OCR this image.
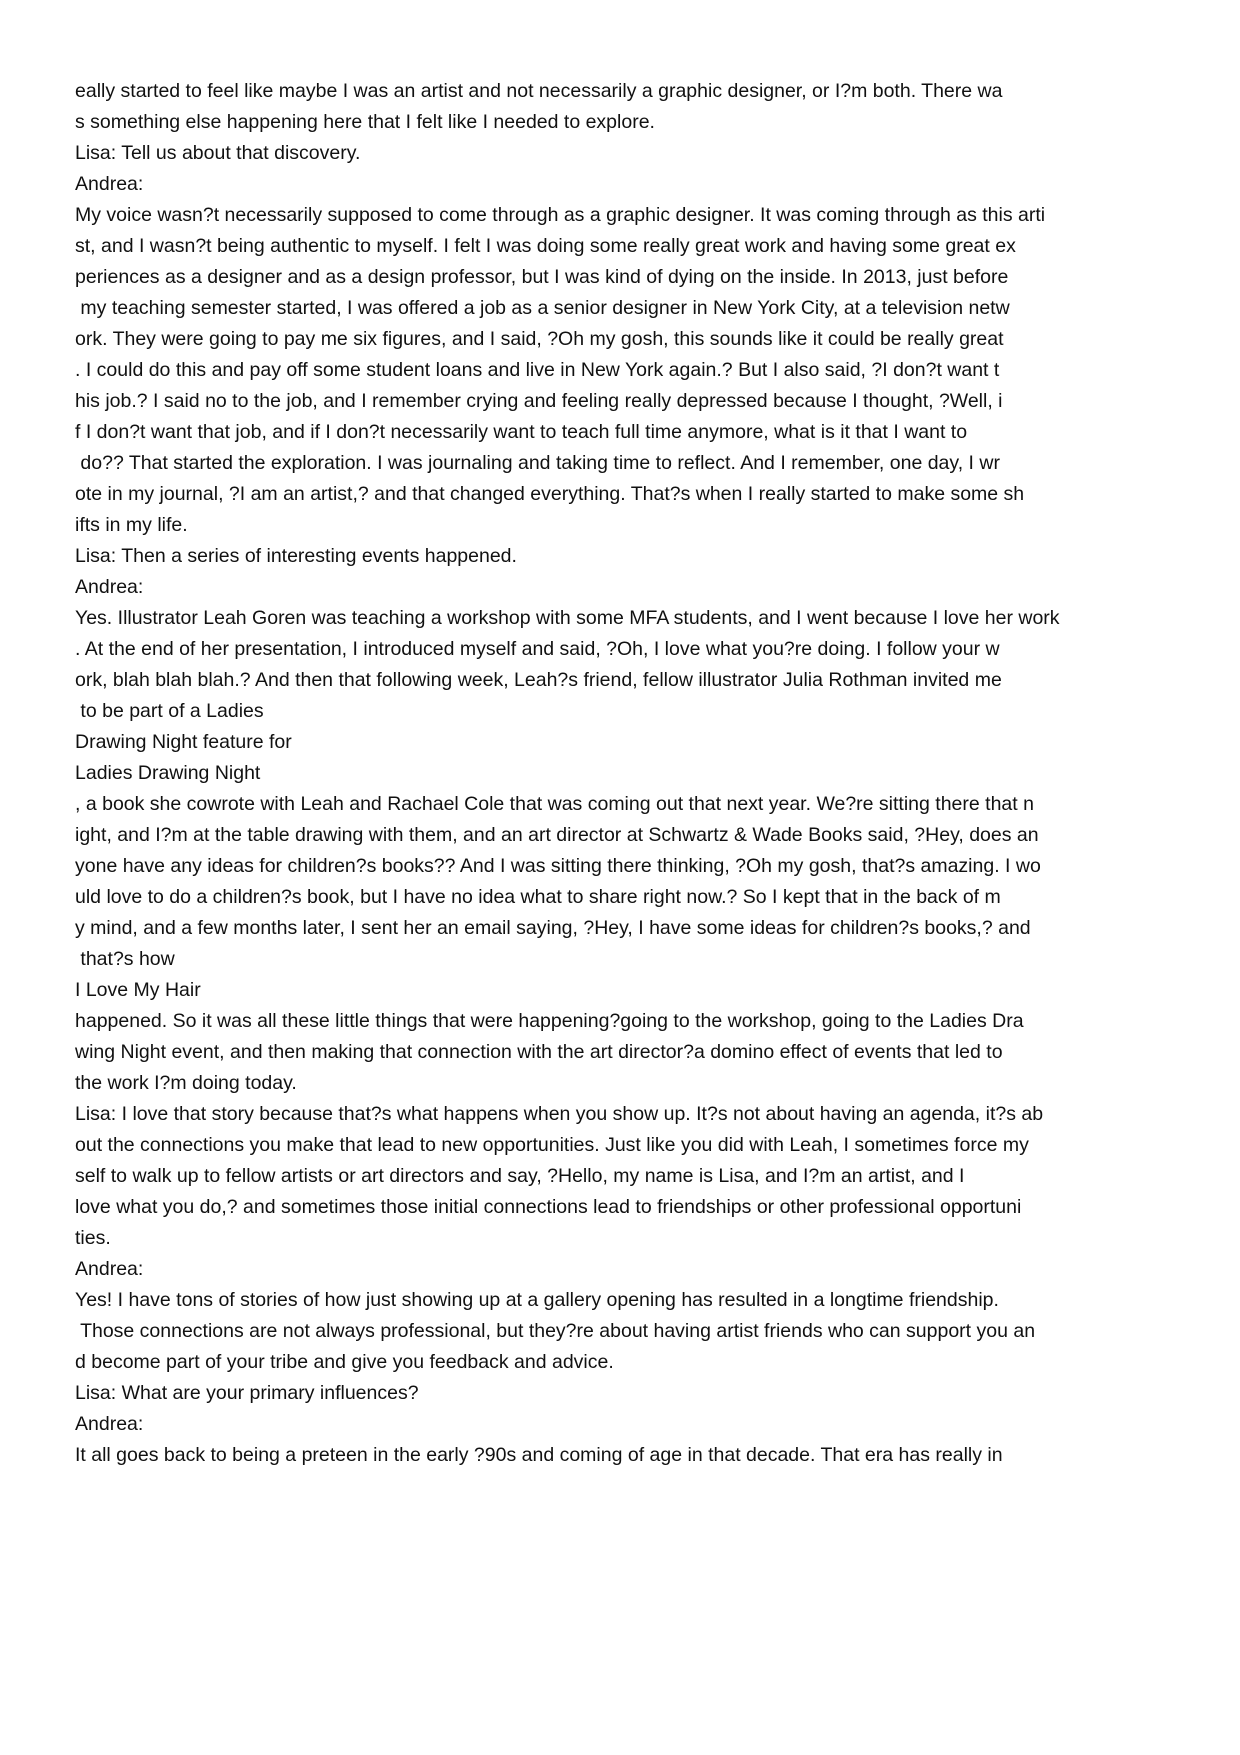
eally started to feel like maybe I was an artist and not necessarily a graphic designer, or I?m both. There wa
s something else happening here that I felt like I needed to explore.
Lisa: Tell us about that discovery.
Andrea:
My voice wasn?t necessarily supposed to come through as a graphic designer. It was coming through as this arti
st, and I wasn?t being authentic to myself. I felt I was doing some really great work and having some great ex
periences as a designer and as a design professor, but I was kind of dying on the inside. In 2013, just before
my teaching semester started, I was offered a job as a senior designer in New York City, at a television netw
ork. They were going to pay me six figures, and I said, ?Oh my gosh, this sounds like it could be really great
. I could do this and pay off some student loans and live in New York again.? But I also said, ?I don?t want t
his job.? I said no to the job, and I remember crying and feeling really depressed because I thought, ?Well, i
f I don?t want that job, and if I don?t necessarily want to teach full time anymore, what is it that I want to
do?? That started the exploration. I was journaling and taking time to reflect. And I remember, one day, I wr
ote in my journal, ?I am an artist,? and that changed everything. That?s when I really started to make some sh
ifts in my life.
Lisa: Then a series of interesting events happened.
Andrea:
Yes. Illustrator Leah Goren was teaching a workshop with some MFA students, and I went because I love her work
. At the end of her presentation, I introduced myself and said, ?Oh, I love what you?re doing. I follow your w
ork, blah blah blah.? And then that following week, Leah?s friend, fellow illustrator Julia Rothman invited me
to be part of a Ladies
Drawing Night feature for
Ladies Drawing Night
, a book she cowrote with Leah and Rachael Cole that was coming out that next year. We?re sitting there that n
ight, and I?m at the table drawing with them, and an art director at Schwartz & Wade Books said, ?Hey, does an
yone have any ideas for children?s books?? And I was sitting there thinking, ?Oh my gosh, that?s amazing. I wo
uld love to do a children?s book, but I have no idea what to share right now.? So I kept that in the back of m
y mind, and a few months later, I sent her an email saying, ?Hey, I have some ideas for children?s books,? and
that?s how
I Love My Hair
happened. So it was all these little things that were happening?going to the workshop, going to the Ladies Dra
wing Night event, and then making that connection with the art director?a domino effect of events that led to
the work I?m doing today.
Lisa: I love that story because that?s what happens when you show up. It?s not about having an agenda, it?s ab
out the connections you make that lead to new opportunities. Just like you did with Leah, I sometimes force my
self to walk up to fellow artists or art directors and say, ?Hello, my name is Lisa, and I?m an artist, and I
love what you do,? and sometimes those initial connections lead to friendships or other professional opportuni
ties.
Andrea:
Yes! I have tons of stories of how just showing up at a gallery opening has resulted in a longtime friendship.
Those connections are not always professional, but they?re about having artist friends who can support you an
d become part of your tribe and give you feedback and advice.
Lisa: What are your primary influences?
Andrea:
It all goes back to being a preteen in the early ?90s and coming of age in that decade. That era has really in
